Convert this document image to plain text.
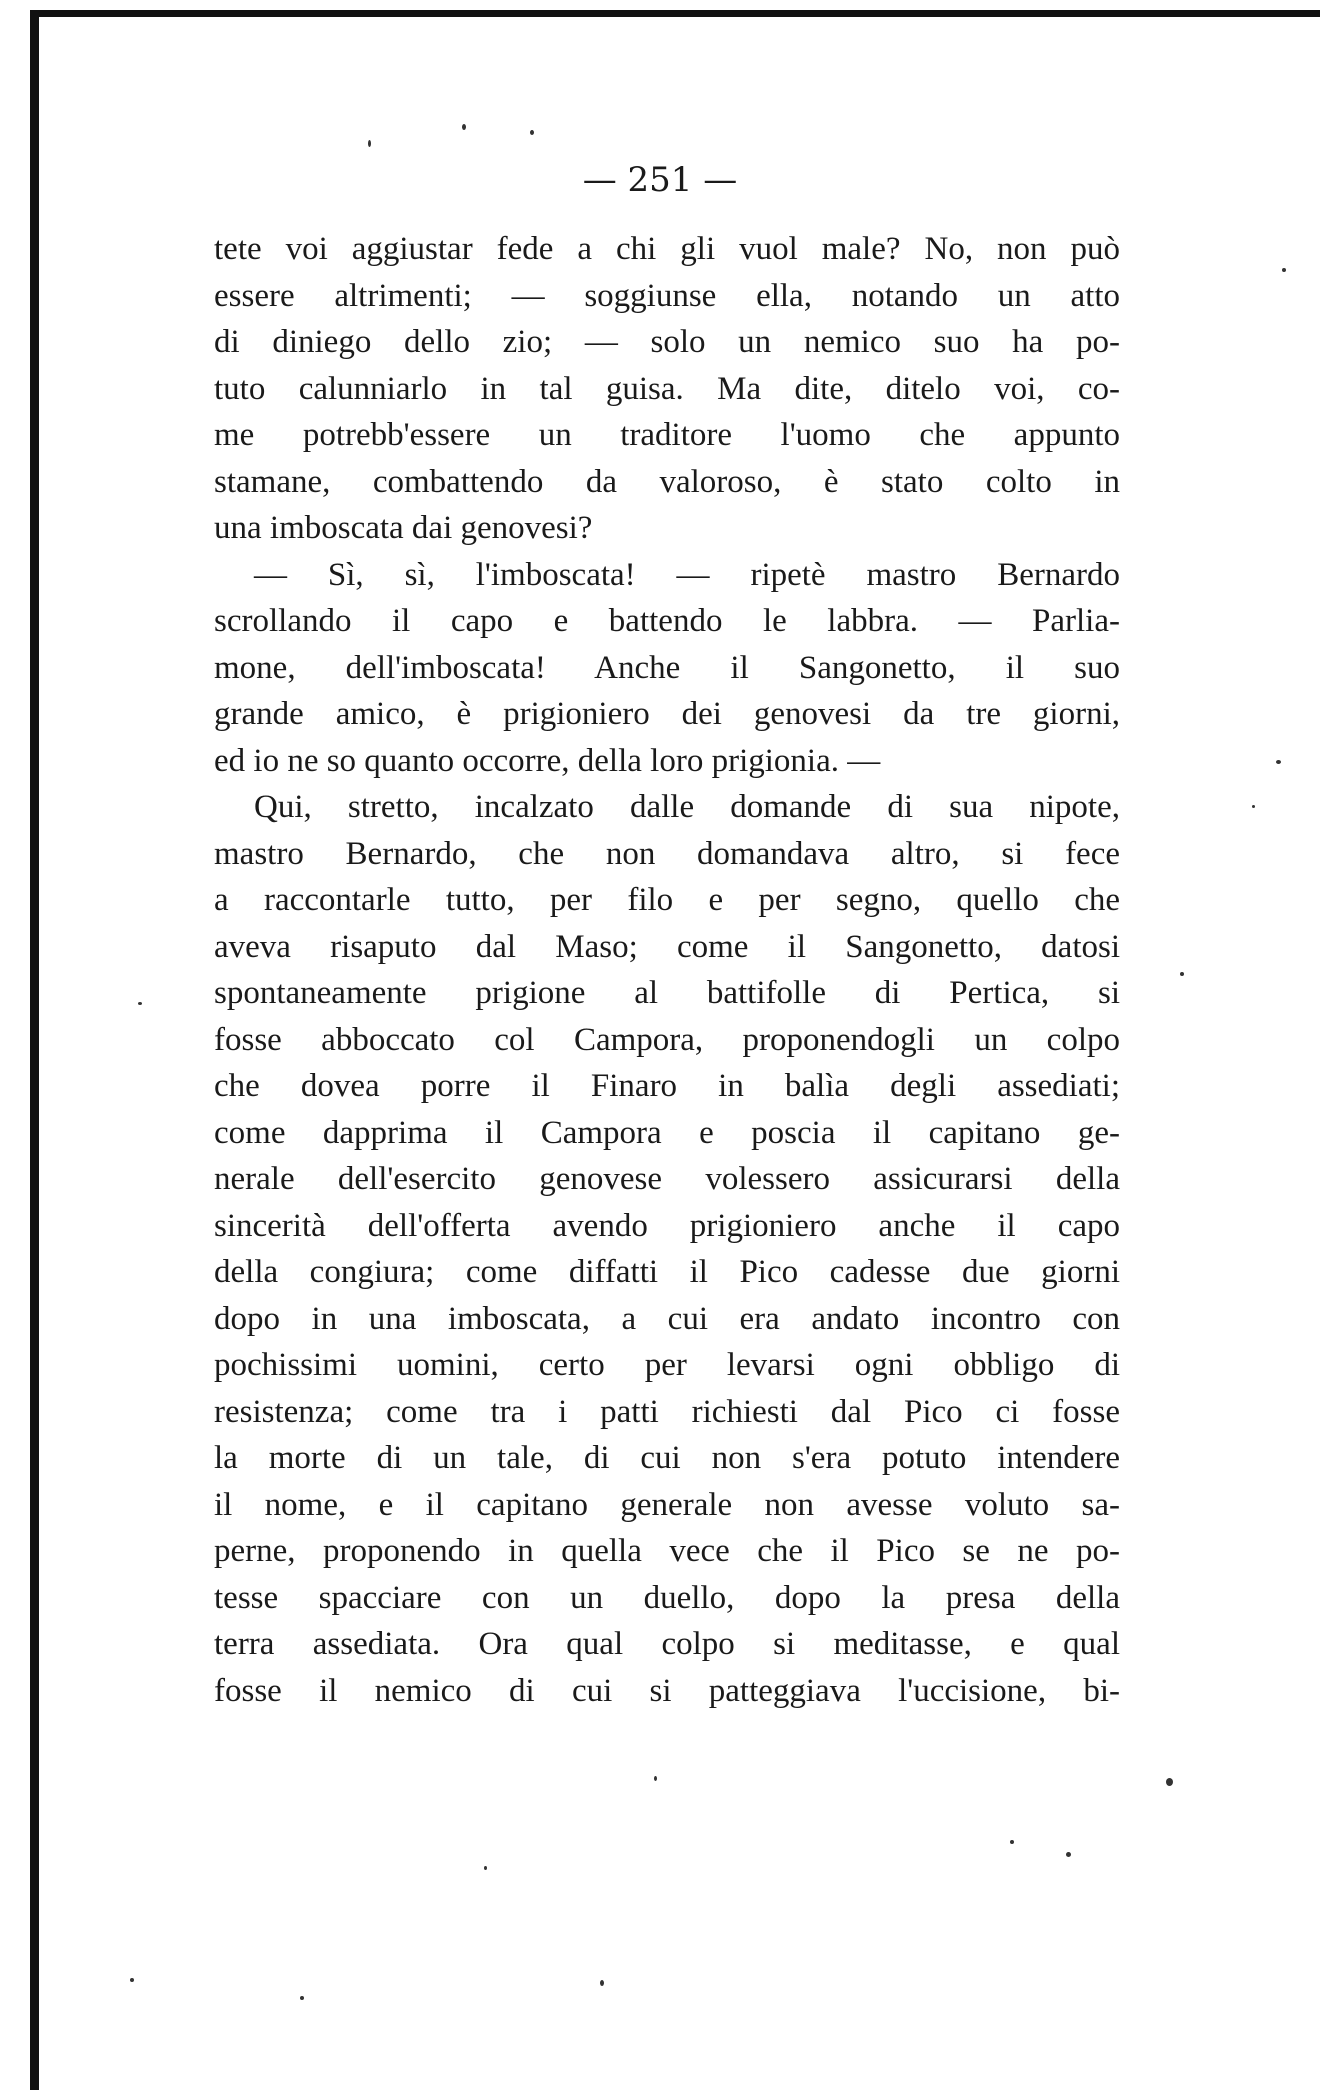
— 251 —
tete voi aggiustar fede a chi gli vuol male? No, non può
essere altrimenti; — soggiunse ella, notando un atto
di diniego dello zio; — solo un nemico suo ha po-
tuto calunniarlo in tal guisa. Ma dite, ditelo voi, co-
me potrebb'essere un traditore l'uomo che appunto
stamane, combattendo da valoroso, è stato colto in
una imboscata dai genovesi?
— Sì, sì, l'imboscata! — ripetè mastro Bernardo
scrollando il capo e battendo le labbra. — Parlia-
mone, dell'imboscata! Anche il Sangonetto, il suo
grande amico, è prigioniero dei genovesi da tre giorni,
ed io ne so quanto occorre, della loro prigionia. —
Qui, stretto, incalzato dalle domande di sua nipote,
mastro Bernardo, che non domandava altro, si fece
a raccontarle tutto, per filo e per segno, quello che
aveva risaputo dal Maso; come il Sangonetto, datosi
spontaneamente prigione al battifolle di Pertica, si
fosse abboccato col Campora, proponendogli un colpo
che dovea porre il Finaro in balìa degli assediati;
come dapprima il Campora e poscia il capitano ge-
nerale dell'esercito genovese volessero assicurarsi della
sincerità dell'offerta avendo prigioniero anche il capo
della congiura; come diffatti il Pico cadesse due giorni
dopo in una imboscata, a cui era andato incontro con
pochissimi uomini, certo per levarsi ogni obbligo di
resistenza; come tra i patti richiesti dal Pico ci fosse
la morte di un tale, di cui non s'era potuto intendere
il nome, e il capitano generale non avesse voluto sa-
perne, proponendo in quella vece che il Pico se ne po-
tesse spacciare con un duello, dopo la presa della
terra assediata. Ora qual colpo si meditasse, e qual
fosse il nemico di cui si patteggiava l'uccisione, bi-
